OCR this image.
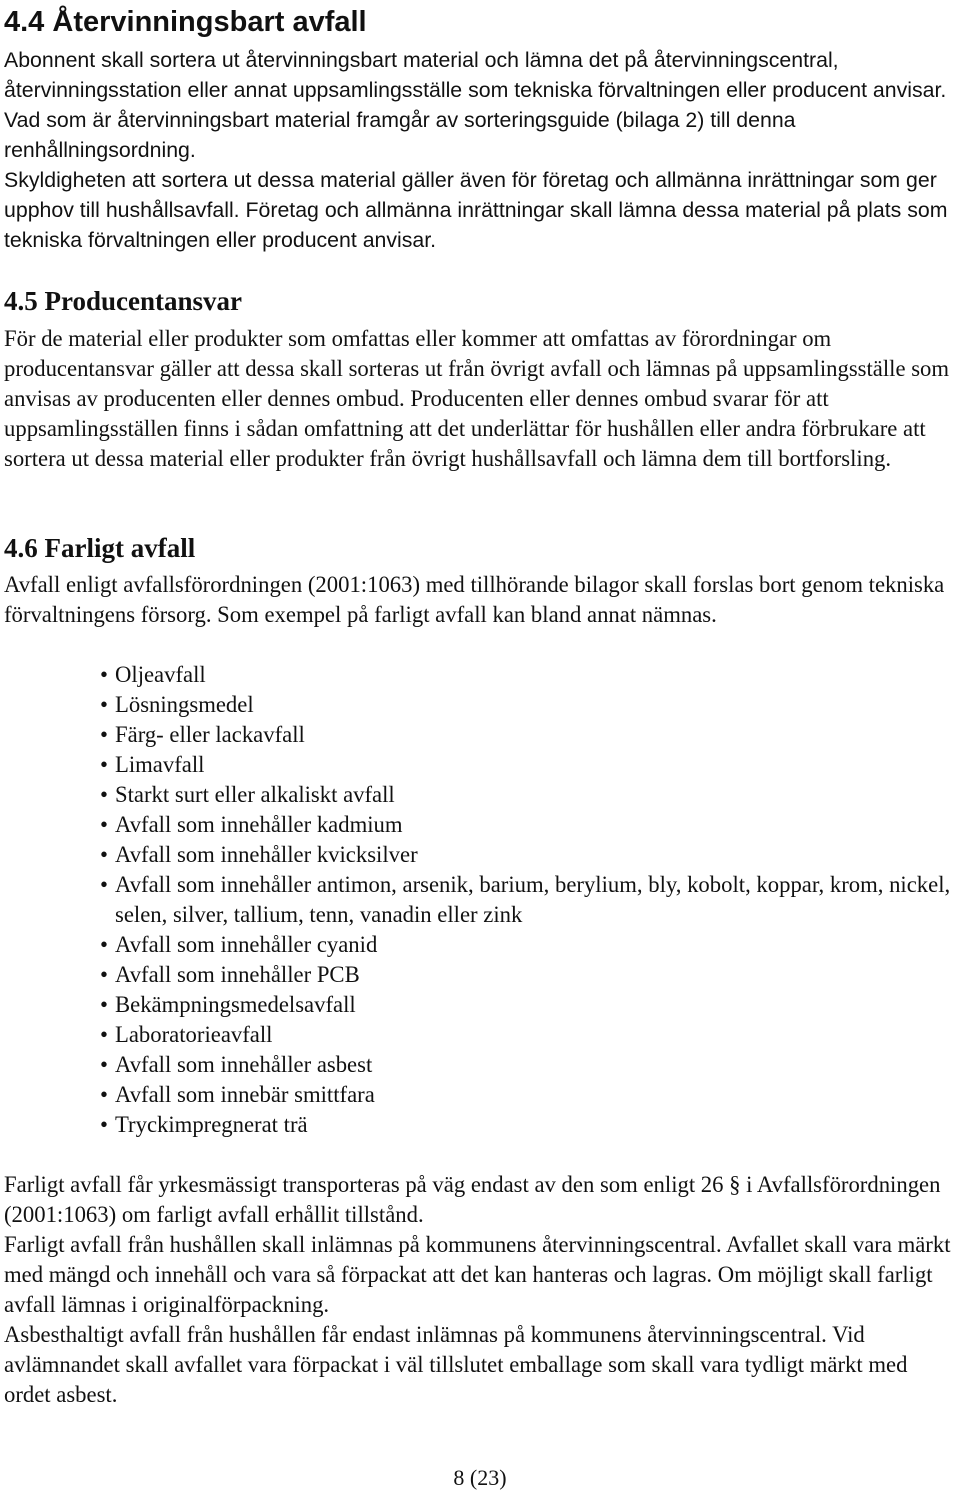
4.4 Återvinningsbart avfall

Abonnent skall sortera ut återvinningsbart material och lämna det på återvinningscentral, återvinningsstation eller annat uppsamlingsställe som tekniska förvaltningen eller producent anvisar. Vad som är återvinningsbart material framgår av sorteringsguide (bilaga 2) till denna renhållningsordning.

Skyldigheten att sortera ut dessa material gäller även för företag och allmänna inrättningar som ger upphov till hushållsavfall. Företag och allmänna inrättningar skall lämna dessa material på plats som tekniska förvaltningen eller producent anvisar.

4.5 Producentansvar

För de material eller produkter som omfattas eller kommer att omfattas av förordningar om producentansvar gäller att dessa skall sorteras ut från övrigt avfall och lämnas på uppsamlingsställe som anvisas av producenten eller dennes ombud. Producenten eller dennes ombud svarar för att uppsamlingsställen finns i sådan omfattning att det underlättar för hushållen eller andra förbrukare att sortera ut dessa material eller produkter från övrigt hushållsavfall och lämna dem till bortforsling.

4.6 Farligt avfall

Avfall enligt avfallsförordningen (2001:1063) med tillhörande bilagor skall forslas bort genom tekniska förvaltningens försorg. Som exempel på farligt avfall kan bland annat nämnas.

• Oljeavfall
• Lösningsmedel
• Färg- eller lackavfall
• Limavfall
• Starkt surt eller alkaliskt avfall
• Avfall som innehåller kadmium
• Avfall som innehåller kvicksilver
• Avfall som innehåller antimon, arsenik, barium, berylium, bly, kobolt, koppar, krom, nickel, selen, silver, tallium, tenn, vanadin eller zink
• Avfall som innehåller cyanid
• Avfall som innehåller PCB
• Bekämpningsmedelsavfall
• Laboratorieavfall
• Avfall som innehåller asbest
• Avfall som innebär smittfara
• Tryckimpregnerat trä

Farligt avfall får yrkesmässigt transporteras på väg endast av den som enligt 26 § i Avfallsförordningen (2001:1063) om farligt avfall erhållit tillstånd.

Farligt avfall från hushållen skall inlämnas på kommunens återvinningscentral. Avfallet skall vara märkt med mängd och innehåll och vara så förpackat att det kan hanteras och lagras. Om möjligt skall farligt avfall lämnas i originalförpackning.

Asbesthaltigt avfall från hushållen får endast inlämnas på kommunens återvinningscentral. Vid avlämnandet skall avfallet vara förpackat i väl tillslutet emballage som skall vara tydligt märkt med ordet asbest.

8 (23)
